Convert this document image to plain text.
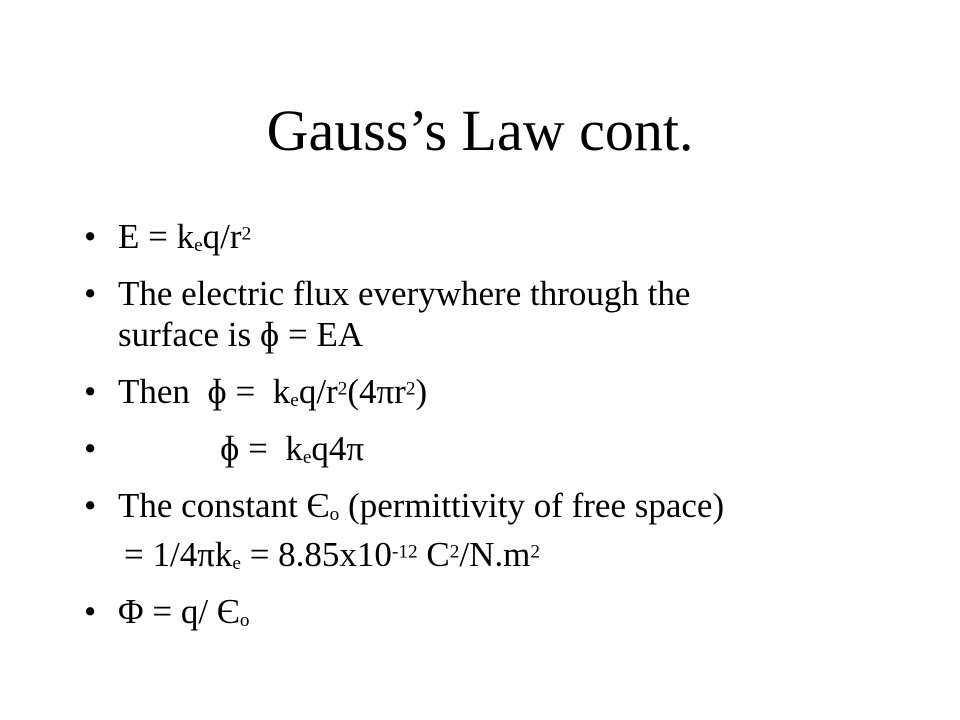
Gauss’s Law cont.
• $E = k_eq/r^2$
• The electric flux everywhere through the
surface is ɸ = EA
• Then  ɸ =  $k_eq/r^2(4\pi r^2)$
•	ɸ =  $k_eq4\pi$
• The constant $Є_o$ (permittivity of free space)
= $1/4\pi k_e = 8.85x10^{-12}$ $C^2/N.m^2$
• Φ = q/ $Є_o$
